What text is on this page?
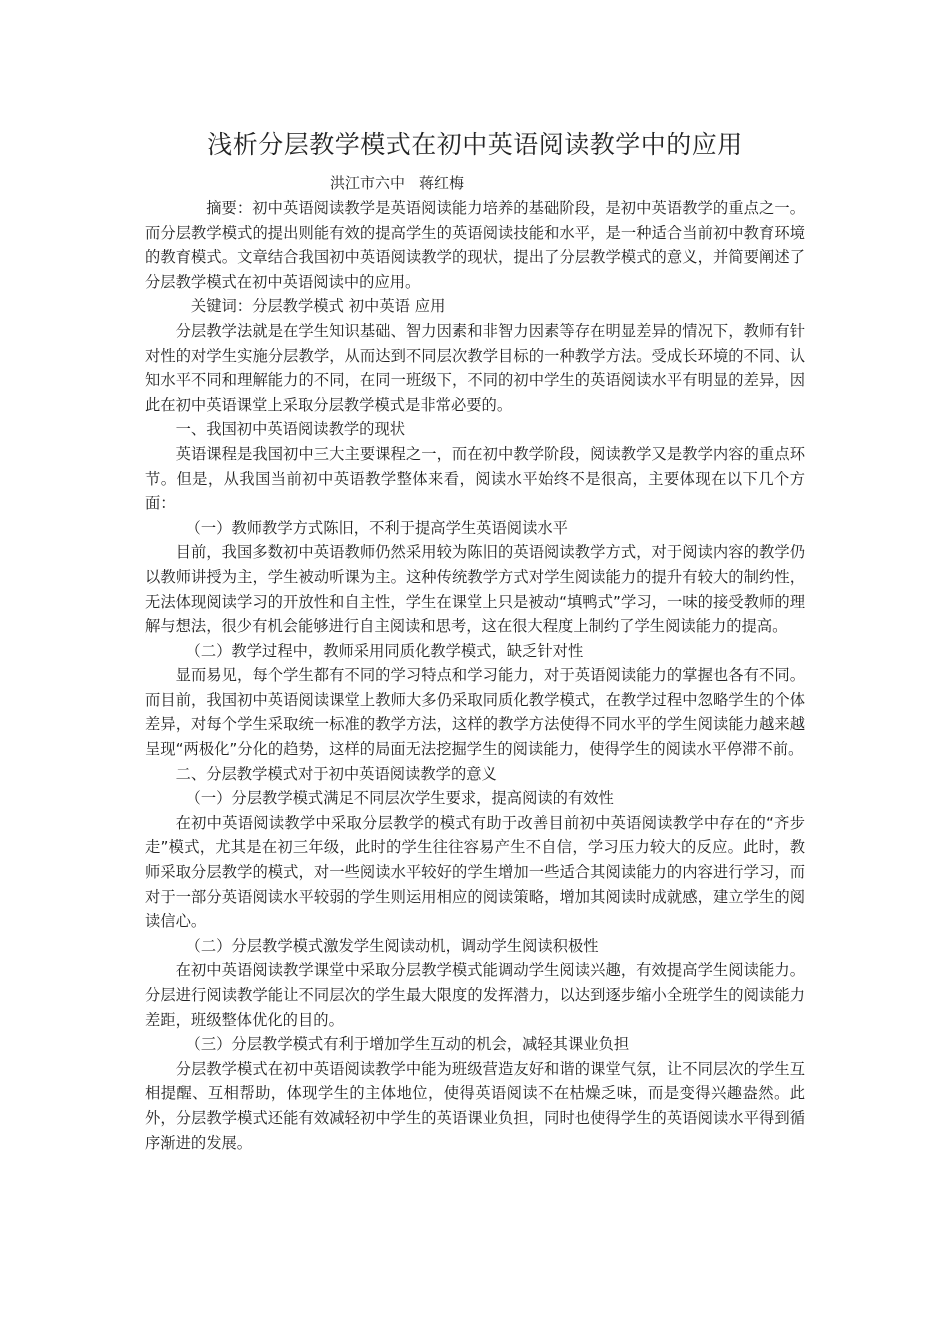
浅析分层教学模式在初中英语阅读教学中的应用
洪江市六中 蒋红梅

摘要：初中英语阅读教学是英语阅读能力培养的基础阶段，是初中英语教学的重点之一。而分层教学模式的提出则能有效的提高学生的英语阅读技能和水平，是一种适合当前初中教育环境的教育模式。文章结合我国初中英语阅读教学的现状，提出了分层教学模式的意义，并简要阐述了分层教学模式在初中英语阅读中的应用。

关键词：分层教学模式 初中英语 应用

分层教学法就是在学生知识基础、智力因素和非智力因素等存在明显差异的情况下，教师有针对性的对学生实施分层教学，从而达到不同层次教学目标的一种教学方法。受成长环境的不同、认知水平不同和理解能力的不同，在同一班级下，不同的初中学生的英语阅读水平有明显的差异，因此在初中英语课堂上采取分层教学模式是非常必要的。

一、我国初中英语阅读教学的现状

英语课程是我国初中三大主要课程之一，而在初中教学阶段，阅读教学又是教学内容的重点环节。但是，从我国当前初中英语教学整体来看，阅读水平始终不是很高，主要体现在以下几个方面：

（一）教师教学方式陈旧，不利于提高学生英语阅读水平

目前，我国多数初中英语教师仍然采用较为陈旧的英语阅读教学方式，对于阅读内容的教学仍以教师讲授为主，学生被动听课为主。这种传统教学方式对学生阅读能力的提升有较大的制约性，无法体现阅读学习的开放性和自主性，学生在课堂上只是被动“填鸭式”学习，一味的接受教师的理解与想法，很少有机会能够进行自主阅读和思考，这在很大程度上制约了学生阅读能力的提高。

（二）教学过程中，教师采用同质化教学模式，缺乏针对性

显而易见，每个学生都有不同的学习特点和学习能力，对于英语阅读能力的掌握也各有不同。而目前，我国初中英语阅读课堂上教师大多仍采取同质化教学模式，在教学过程中忽略学生的个体差异，对每个学生采取统一标准的教学方法，这样的教学方法使得不同水平的学生阅读能力越来越呈现“两极化”分化的趋势，这样的局面无法挖掘学生的阅读能力，使得学生的阅读水平停滞不前。

二、分层教学模式对于初中英语阅读教学的意义

（一）分层教学模式满足不同层次学生要求，提高阅读的有效性

在初中英语阅读教学中采取分层教学的模式有助于改善目前初中英语阅读教学中存在的“齐步走”模式，尤其是在初三年级，此时的学生往往容易产生不自信，学习压力较大的反应。此时，教师采取分层教学的模式，对一些阅读水平较好的学生增加一些适合其阅读能力的内容进行学习，而对于一部分英语阅读水平较弱的学生则运用相应的阅读策略，增加其阅读时成就感，建立学生的阅读信心。

（二）分层教学模式激发学生阅读动机，调动学生阅读积极性

在初中英语阅读教学课堂中采取分层教学模式能调动学生阅读兴趣，有效提高学生阅读能力。分层进行阅读教学能让不同层次的学生最大限度的发挥潜力，以达到逐步缩小全班学生的阅读能力差距，班级整体优化的目的。

（三）分层教学模式有利于增加学生互动的机会，减轻其课业负担

分层教学模式在初中英语阅读教学中能为班级营造友好和谐的课堂气氛，让不同层次的学生互相提醒、互相帮助，体现学生的主体地位，使得英语阅读不在枯燥乏味，而是变得兴趣盎然。此外，分层教学模式还能有效减轻初中学生的英语课业负担，同时也使得学生的英语阅读水平得到循序渐进的发展。
